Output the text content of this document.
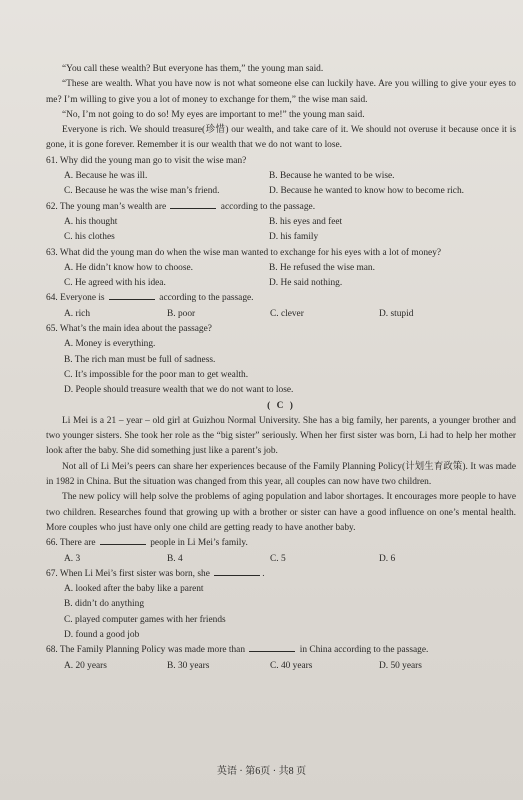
“You call these wealth? But everyone has them,” the young man said.

“These are wealth. What you have now is not what someone else can luckily have. Are you willing to give your eyes to me? I’m willing to give you a lot of money to exchange for them,” the wise man said.

“No, I’m not going to do so! My eyes are important to me!” the young man said.

Everyone is rich. We should treasure(珍惜) our wealth, and take care of it. We should not overuse it because once it is gone, it is gone forever. Remember it is our wealth that we do not want to lose.

61. Why did the young man go to visit the wise man?

A. Because he was ill.	B. Because he wanted to be wise.
C. Because he was the wise man’s friend.	D. Because he wanted to know how to become rich.

62. The young man’s wealth are	according to the passage.

A. his thought	B. his eyes and feet
C. his clothes	D. his family

63. What did the young man do when the wise man wanted to exchange for his eyes with a lot of money?

A. He didn’t know how to choose.	B. He refused the wise man.
C. He agreed with his idea.	D. He said nothing.

64. Everyone is	according to the passage.

A. rich	B. poor	C. clever	D. stupid

65. What’s the main idea about the passage?

A. Money is everything.

B. The rich man must be full of sadness.

C. It’s impossible for the poor man to get wealth.

D. People should treasure wealth that we do not want to lose.

( C )

Li Mei is a 21 – year – old girl at Guizhou Normal University. She has a big family, her parents, a younger brother and two younger sisters. She took her role as the “big sister” seriously. When her first sister was born, Li had to help her mother look after the baby. She did something just like a parent’s job.

Not all of Li Mei’s peers can share her experiences because of the Family Planning Policy(计划生育政策). It was made in 1982 in China. But the situation was changed from this year, all couples can now have two children.

The new policy will help solve the problems of aging population and labor shortages. It encourages more people to have two children. Researches found that growing up with a brother or sister can have a good influence on one’s mental health. More couples who just have only one child are getting ready to have another baby.

66. There are	people in Li Mei’s family.

A. 3	B. 4	C. 5	D. 6

67. When Li Mei’s first sister was born, she	.

A. looked after the baby like a parent

B. didn’t do anything

C. played computer games with her friends

D. found a good job

68. The Family Planning Policy was made more than	in China according to the passage.

A. 20 years	B. 30 years	C. 40 years	D. 50 years
英语 · 第6页 · 共8 页
